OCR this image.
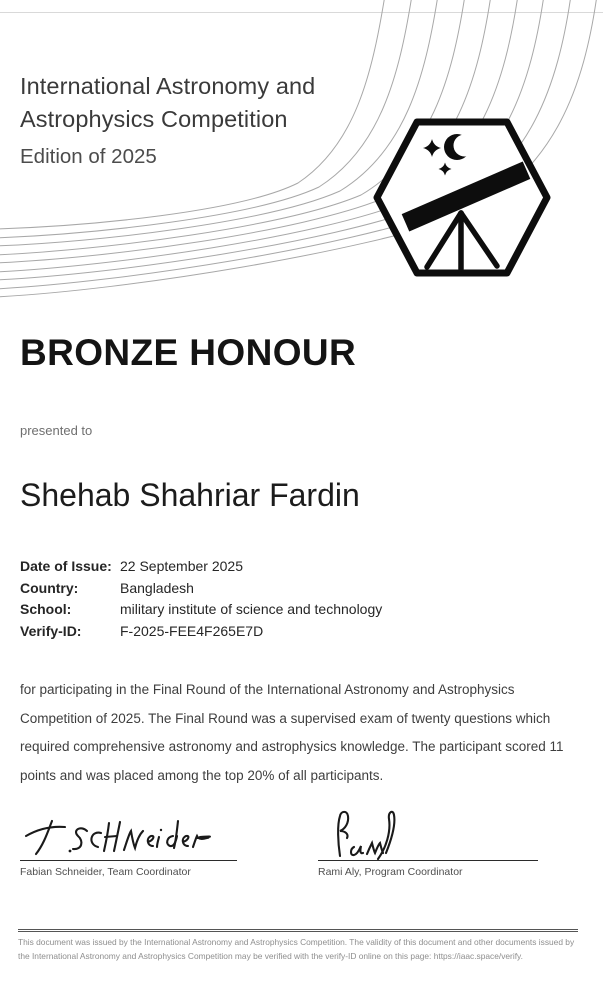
International Astronomy and
Astrophysics Competition
Edition of 2025
BRONZE HONOUR
presented to
Shehab Shahriar Fardin
Date of Issue: 22 September 2025
Country:	Bangladesh
School:	military institute of science and technology
Verify-ID:	F-2025-FEE4F265E7D
for participating in the Final Round of the International Astronomy and Astrophysics Competition of 2025. The Final Round was a supervised exam of twenty questions which required comprehensive astronomy and astrophysics knowledge. The participant scored 11 points and was placed among the top 20% of all participants.
Fabian Schneider, Team Coordinator	Rami Aly, Program Coordinator
This document was issued by the International Astronomy and Astrophysics Competition. The validity of this document and other documents issued by the International Astronomy and Astrophysics Competition may be verified with the verify-ID online on this page: https://iaac.space/verify.
